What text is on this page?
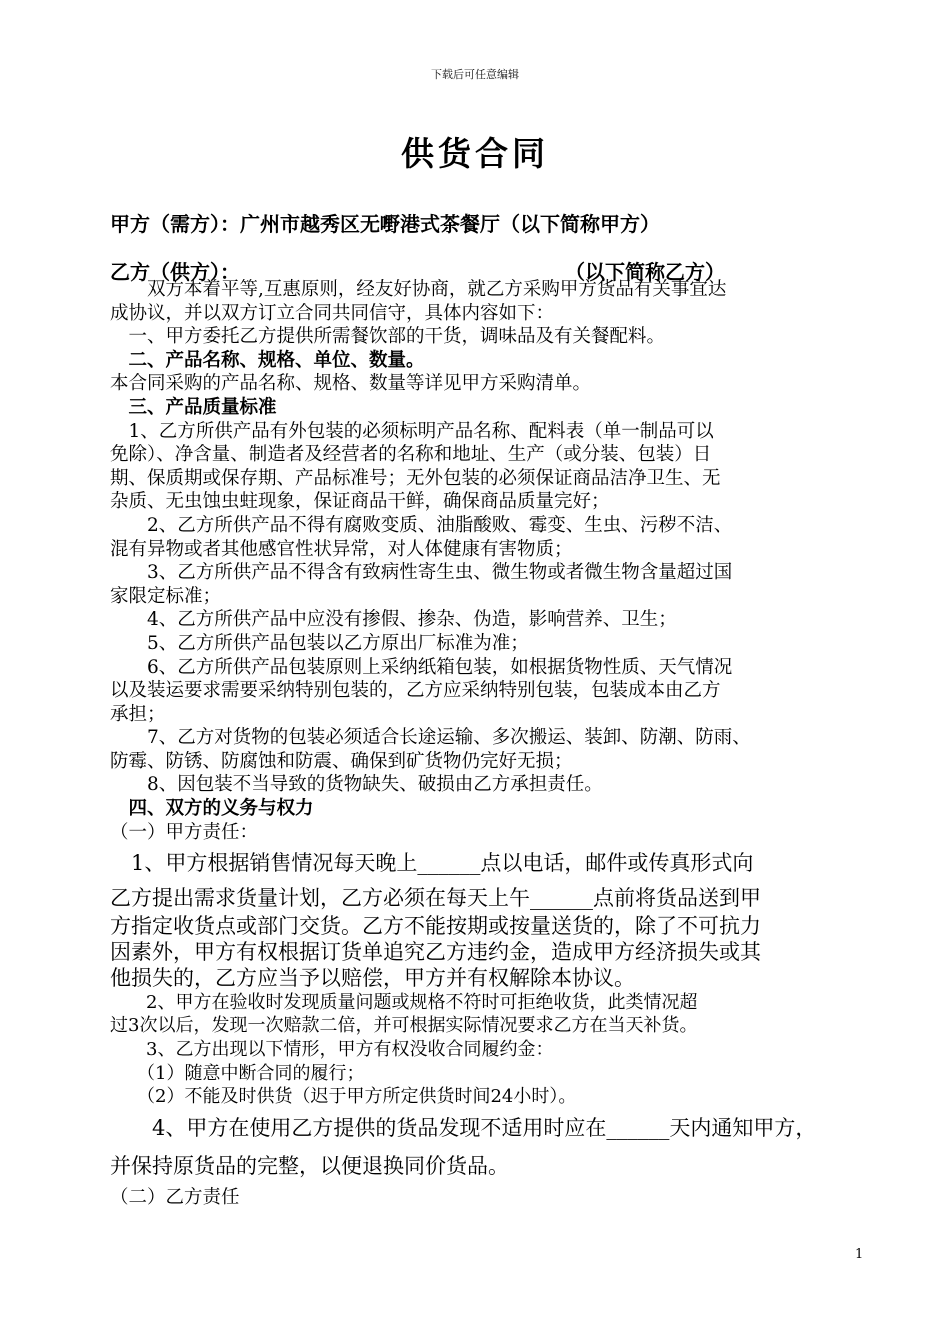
下载后可任意编辑
供货合同
甲方（需方）：广州市越秀区无嘢港式茶餐厅（以下简称甲方）
乙方（供方）：	（以下简称乙方）

　　双方本着平等,互惠原则，经友好协商，就乙方采购甲方货品有关事宜达

成协议，并以双方订立合同共同信守，具体内容如下：

　一、甲方委托乙方提供所需餐饮部的干货，调味品及有关餐配料。

　二、产品名称、规格、单位、数量。

本合同采购的产品名称、规格、数量等详见甲方采购清单。

　三、产品质量标准

　1、乙方所供产品有外包装的必须标明产品名称、配料表（单一制品可以

免除）、净含量、制造者及经营者的名称和地址、生产（或分装、包装）日

期、保质期或保存期、产品标准号；无外包装的必须保证商品洁净卫生、无

杂质、无虫蚀虫蛀现象，保证商品干鲜，确保商品质量完好；

　　2、乙方所供产品不得有腐败变质、油脂酸败、霉变、生虫、污秽不洁、

混有异物或者其他感官性状异常，对人体健康有害物质；

　　3、乙方所供产品不得含有致病性寄生虫、微生物或者微生物含量超过国

家限定标准；

　　4、乙方所供产品中应没有掺假、掺杂、伪造，影响营养、卫生；

　　5、乙方所供产品包装以乙方原出厂标准为准；

　　6、乙方所供产品包装原则上采纳纸箱包装，如根据货物性质、天气情况

以及装运要求需要采纳特别包装的，乙方应采纳特别包装，包装成本由乙方

承担；

　　7、乙方对货物的包装必须适合长途运输、多次搬运、装卸、防潮、防雨、

防霉、防锈、防腐蚀和防震、确保到矿货物仍完好无损；

　　8、因包装不当导致的货物缺失、破损由乙方承担责任。

　四、双方的义务与权力

（一）甲方责任：

　1、甲方根据销售情况每天晚上______点以电话，邮件或传真形式向

乙方提出需求货量计划，乙方必须在每天上午______点前将货品送到甲

方指定收货点或部门交货。乙方不能按期或按量送货的，除了不可抗力

因素外，甲方有权根据订货单追究乙方违约金，造成甲方经济损失或其

他损失的，乙方应当予以赔偿，甲方并有权解除本协议。

　　2、甲方在验收时发现质量问题或规格不符时可拒绝收货，此类情况超

过3次以后，发现一次赔款二倍，并可根据实际情况要求乙方在当天补货。

　　3、乙方出现以下情形，甲方有权没收合同履约金：

　　（1）随意中断合同的履行；

　　（2）不能及时供货（迟于甲方所定供货时间24小时）。

　　4、甲方在使用乙方提供的货品发现不适用时应在______天内通知甲方，

并保持原货品的完整，以便退换同价货品。

（二）乙方责任

1
